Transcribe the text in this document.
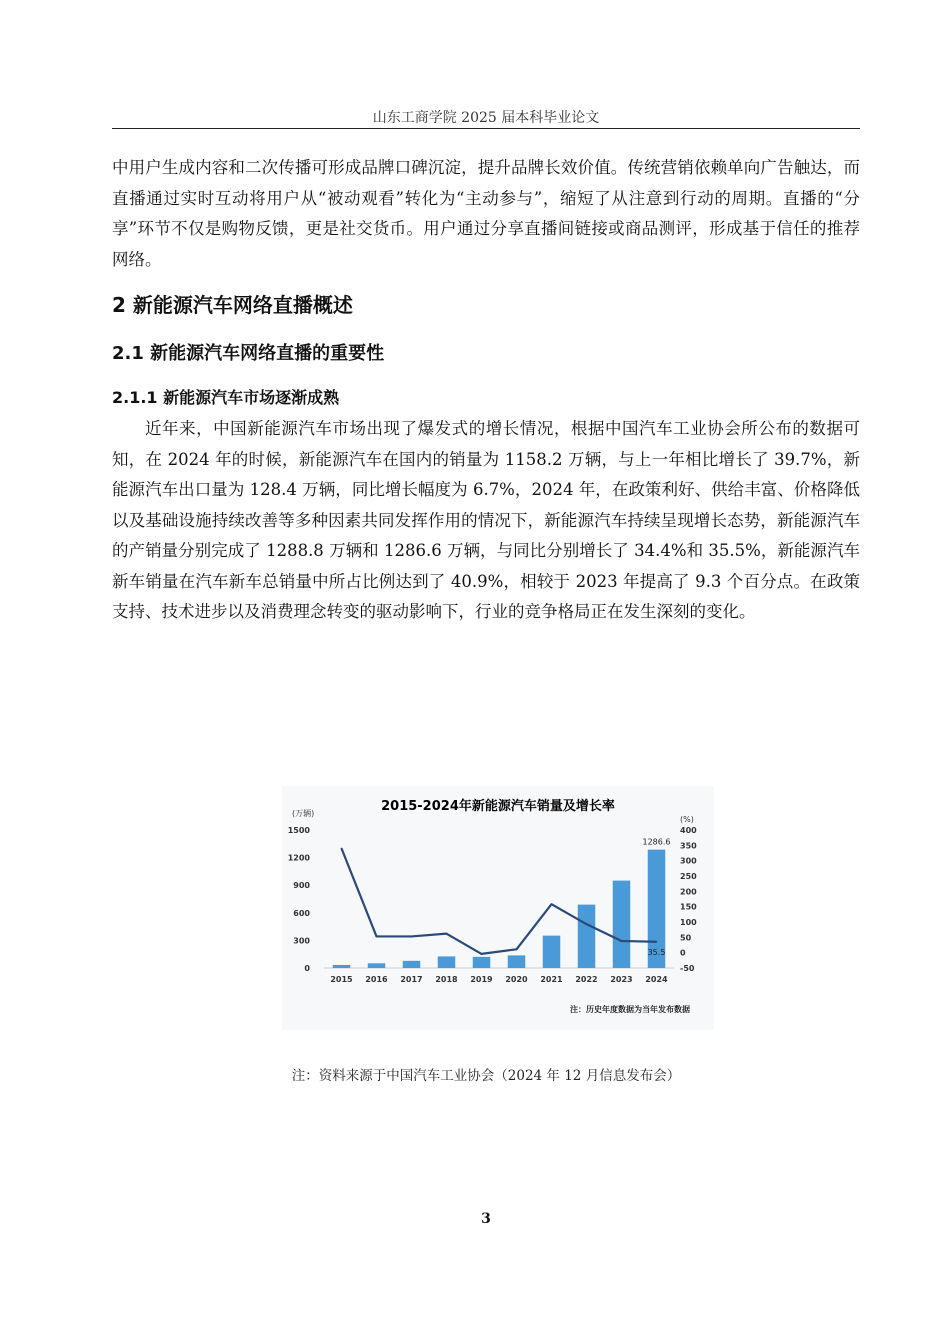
山东工商学院 2025 届本科毕业论文

中用户生成内容和二次传播可形成品牌口碑沉淀，提升品牌长效价值。传统营销依赖单向广告触达，而直播通过实时互动将用户从“被动观看”转化为“主动参与”，缩短了从注意到行动的周期。直播的“分享”环节不仅是购物反馈，更是社交货币。用户通过分享直播间链接或商品测评，形成基于信任的推荐网络。

2 新能源汽车网络直播概述
2.1 新能源汽车网络直播的重要性
2.1.1 新能源汽车市场逐渐成熟

近年来，中国新能源汽车市场出现了爆发式的增长情况，根据中国汽车工业协会所公布的数据可知，在 2024 年的时候，新能源汽车在国内的销量为 1158.2 万辆，与上一年相比增长了 39.7%，新能源汽车出口量为 128.4 万辆，同比增长幅度为 6.7%，2024 年，在政策利好、供给丰富、价格降低以及基础设施持续改善等多种因素共同发挥作用的情况下，新能源汽车持续呈现增长态势，新能源汽车的产销量分别完成了 1288.8 万辆和 1286.6 万辆，与同比分别增长了 34.4%和 35.5%，新能源汽车新车销量在汽车新车总销量中所占比例达到了 40.9%，相较于 2023 年提高了 9.3 个百分点。在政策支持、技术进步以及消费理念转变的驱动影响下，行业的竞争格局正在发生深刻的变化。

2015-2024年新能源汽车销量及增长率
(万辆)
(%)
0
300
600
900
1200
1500
-50
0
50
100
150
200
250
300
350
400
2015 2016 2017 2018 2019 2020 2021 2022 2023 2024
1286.6
35.5
注：历史年度数据为当年发布数据
注：资料来源于中国汽车工业协会（2024 年 12 月信息发布会）
3
